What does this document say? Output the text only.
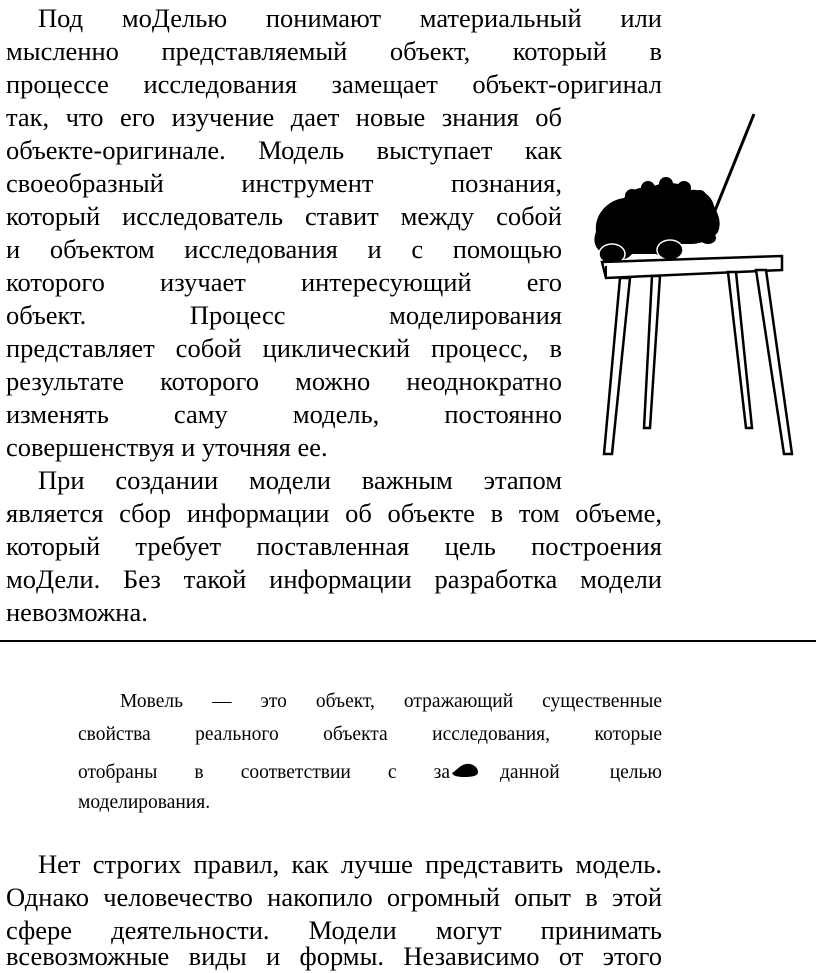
Под моДелью понимают материальный или
мысленно представляемый объект, который в
процессе исследования замещает объект-оригинал
так, что его изучение дает новые знания об
объекте-оригинале. Модель выступает как
своеобразный инструмент познания,
который исследователь ставит между собой
и объектом исследования и с помощью
которого изучает интересующий его
объект. Процесс моделирования
представляет собой циклический процесс, в
результате которого можно неоднократно
изменять саму модель, постоянно
совершенствуя и уточняя ее.
При создании модели важным этапом
является сбор информации об объекте в том объеме,
который требует поставленная цель построения
моДели. Без такой информации разработка модели
невозможна.
Мовель — это объект, отражающий существенные
свойства реального объекта исследования, которые
отобраны в соответствии с за	данной целью
моделирования.
Нет строгих правил, как лучше представить модель.
Однако человечество накопило огромный опыт в этой
сфере деятельности. Модели могут принимать
всевозможные виды и формы. Независимо от этого
